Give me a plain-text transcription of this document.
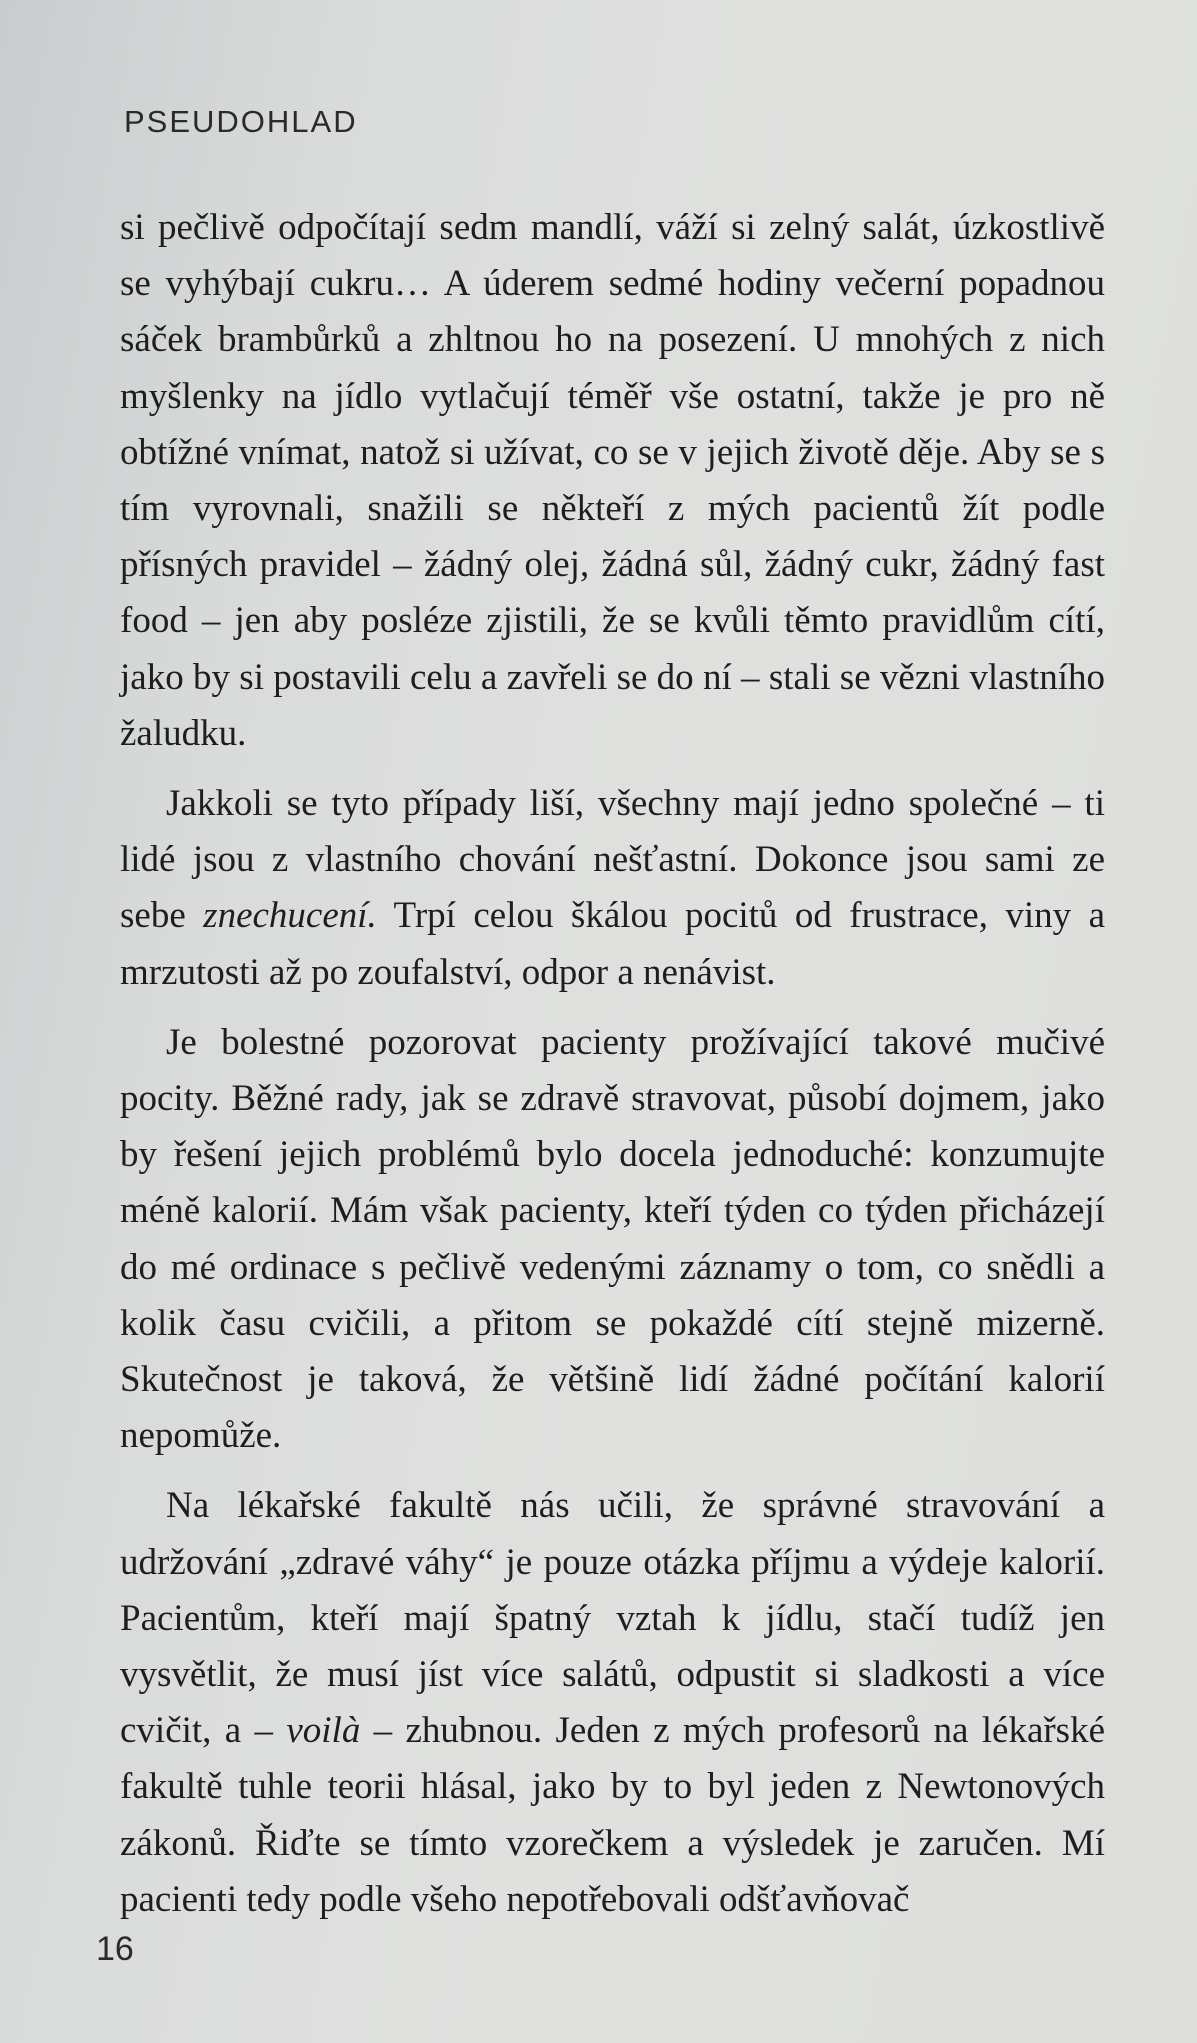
PSEUDOHLAD

si pečlivě odpočítají sedm mandlí, váží si zelný salát, úzkostlivě se vyhýbají cukru… A úderem sedmé hodiny večerní popadnou sáček brambůrků a zhltnou ho na posezení. U mnohých z nich myšlenky na jídlo vytlačují téměř vše ostatní, takže je pro ně obtížné vnímat, natož si užívat, co se v jejich životě děje. Aby se s tím vyrovnali, snažili se někteří z mých pacientů žít podle přísných pravidel – žádný olej, žádná sůl, žádný cukr, žádný fast food – jen aby posléze zjistili, že se kvůli těmto pravidlům cítí, jako by si postavili celu a zavřeli se do ní – stali se vězni vlastního žaludku.

Jakkoli se tyto případy liší, všechny mají jedno společné – ti lidé jsou z vlastního chování nešťastní. Dokonce jsou sami ze sebe znechucení. Trpí celou škálou pocitů od frustrace, viny a mrzutosti až po zoufalství, odpor a nenávist.

Je bolestné pozorovat pacienty prožívající takové mučivé pocity. Běžné rady, jak se zdravě stravovat, působí dojmem, jako by řešení jejich problémů bylo docela jednoduché: konzumujte méně kalorií. Mám však pacienty, kteří týden co týden přicházejí do mé ordinace s pečlivě vedenými záznamy o tom, co snědli a kolik času cvičili, a přitom se pokaždé cítí stejně mizerně. Skutečnost je taková, že většině lidí žádné počítání kalorií nepomůže.

Na lékařské fakultě nás učili, že správné stravování a udržování „zdravé váhy“ je pouze otázka příjmu a výdeje kalorií. Pacientům, kteří mají špatný vztah k jídlu, stačí tudíž jen vysvětlit, že musí jíst více salátů, odpustit si sladkosti a více cvičit, a – voilà – zhubnou. Jeden z mých profesorů na lékařské fakultě tuhle teorii hlásal, jako by to byl jeden z Newtonových zákonů. Řiďte se tímto vzorečkem a výsledek je zaručen. Mí pacienti tedy podle všeho nepotřebovali odšťavňovač

16
